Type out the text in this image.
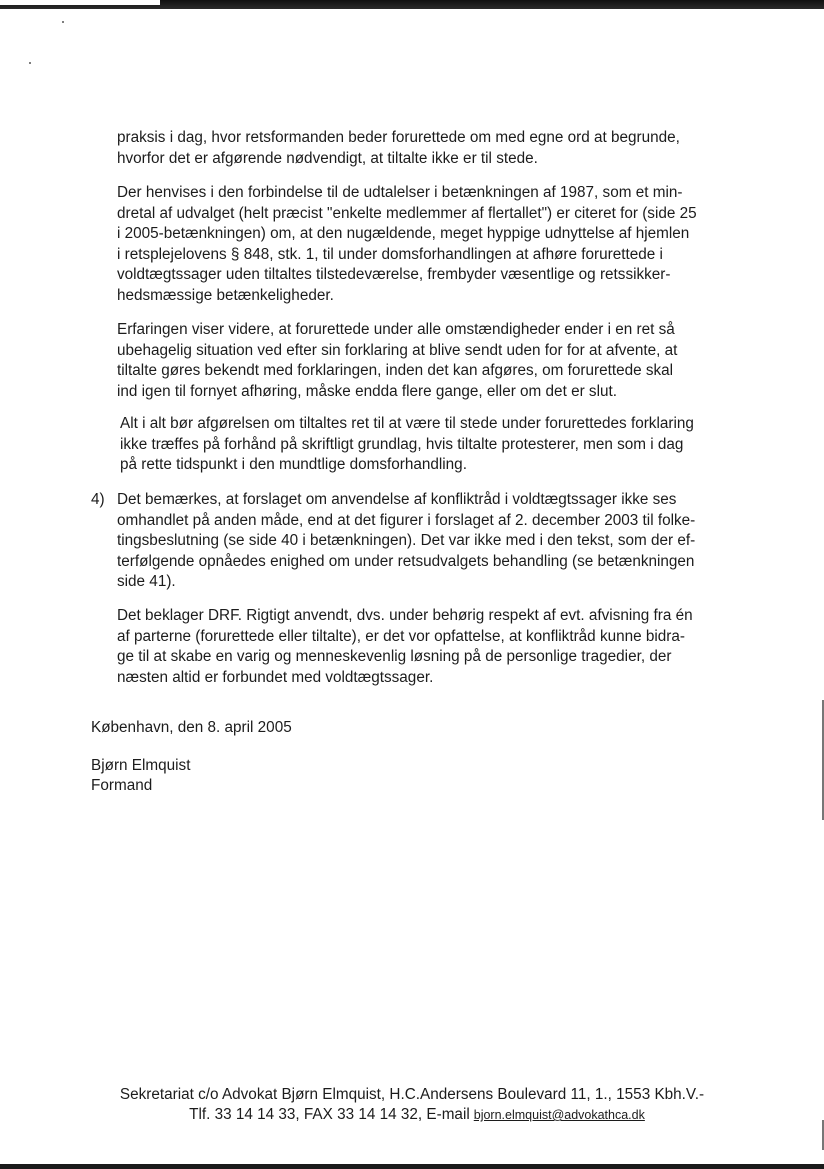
praksis i dag, hvor retsformanden beder forurettede om med egne ord at begrunde,
hvorfor det er afgørende nødvendigt, at tiltalte ikke er til stede.

Der henvises i den forbindelse til de udtalelser i betænkningen af 1987, som et min-
dretal af udvalget (helt præcist "enkelte medlemmer af flertallet") er citeret for (side 25
i 2005-betænkningen) om, at den nugældende, meget hyppige udnyttelse af hjemlen
i retsplejelovens § 848, stk. 1, til under domsforhandlingen at afhøre forurettede i
voldtægtssager uden tiltaltes tilstedeværelse, frembyder væsentlige og retssikker-
hedsmæssige betænkeligheder.

Erfaringen viser videre, at forurettede under alle omstændigheder ender i en ret så
ubehagelig situation ved efter sin forklaring at blive sendt uden for for at afvente, at
tiltalte gøres bekendt med forklaringen, inden det kan afgøres, om forurettede skal
ind igen til fornyet afhøring, måske endda flere gange, eller om det er slut.

Alt i alt bør afgørelsen om tiltaltes ret til at være til stede under forurettedes forklaring
ikke træffes på forhånd på skriftligt grundlag, hvis tiltalte protesterer, men som i dag
på rette tidspunkt i den mundtlige domsforhandling.

4) Det bemærkes, at forslaget om anvendelse af konfliktråd i voldtægtssager ikke ses
omhandlet på anden måde, end at det figurer i forslaget af 2. december 2003 til folke-
tingsbeslutning (se side 40 i betænkningen). Det var ikke med i den tekst, som der ef-
terfølgende opnåedes enighed om under retsudvalgets behandling (se betænkningen
side 41).

Det beklager DRF. Rigtigt anvendt, dvs. under behørig respekt af evt. afvisning fra én
af parterne (forurettede eller tiltalte), er det vor opfattelse, at konfliktråd kunne bidra-
ge til at skabe en varig og menneskevenlig løsning på de personlige tragedier, der
næsten altid er forbundet med voldtægtssager.

København, den 8. april 2005
Bjørn Elmquist
Formand
Sekretariat c/o Advokat Bjørn Elmquist, H.C.Andersens Boulevard 11, 1., 1553 Kbh.V.-
Tlf. 33 14 14 33, FAX 33 14 14 32, E-mail bjorn.elmquist@advokathca.dk
